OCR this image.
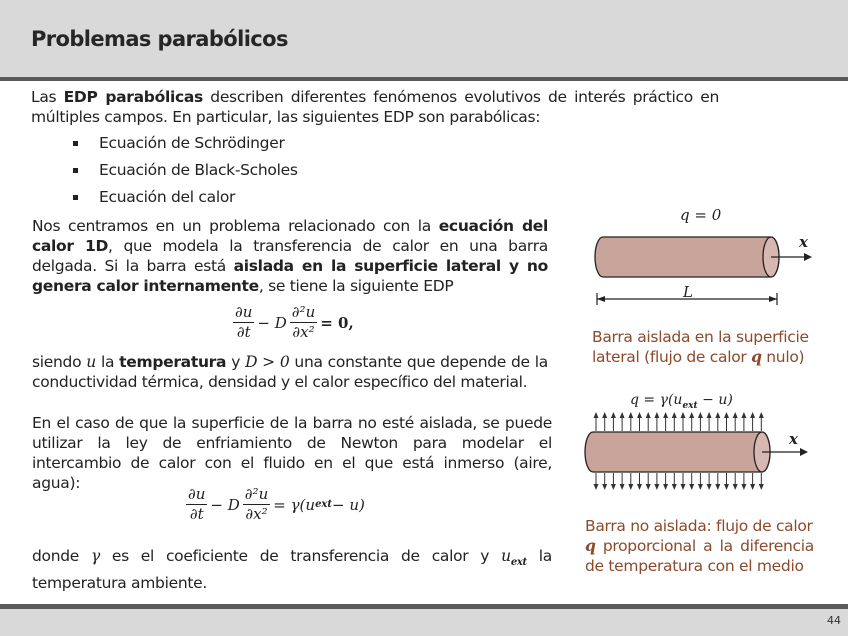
Problemas parabólicos
Las EDP parabólicas describen diferentes fenómenos evolutivos de interés práctico en múltiples campos. En particular, las siguientes EDP son parabólicas:
Ecuación de Schrödinger
Ecuación de Black-Scholes
Ecuación del calor
Nos centramos en un problema relacionado con la ecuación del calor 1D, que modela la transferencia de calor en una barra delgada. Si la barra está aislada en la superficie lateral y no genera calor internamente, se tiene la siguiente EDP
$\frac{\partial u}{\partial t} - D \frac{\text{∂²u}}{\text{∂x²}} = 0$,
siendo u la temperatura y D > 0 una constante que depende de la conductividad térmica, densidad y el calor específico del material.
En el caso de que la superficie de la barra no esté aislada, se puede utilizar la ley de enfriamiento de Newton para modelar el intercambio de calor con el fluido en el que está inmerso (aire, agua):
$\frac{\partial u}{\partial t} - D \frac{\text{∂²u}}{\text{∂x²}} = \gamma(u$ ext − u)
donde γ es el coeficiente de transferencia de calor y $u_{ext}$ la temperatura ambiente.
q = 0
x
L
Barra aislada en la superficie
lateral (flujo de calor q nulo)
$q = \gamma(u_{ext} - u)$
x
Barra no aislada: flujo de calor
q proporcional a la diferencia
de temperatura con el medio
44
